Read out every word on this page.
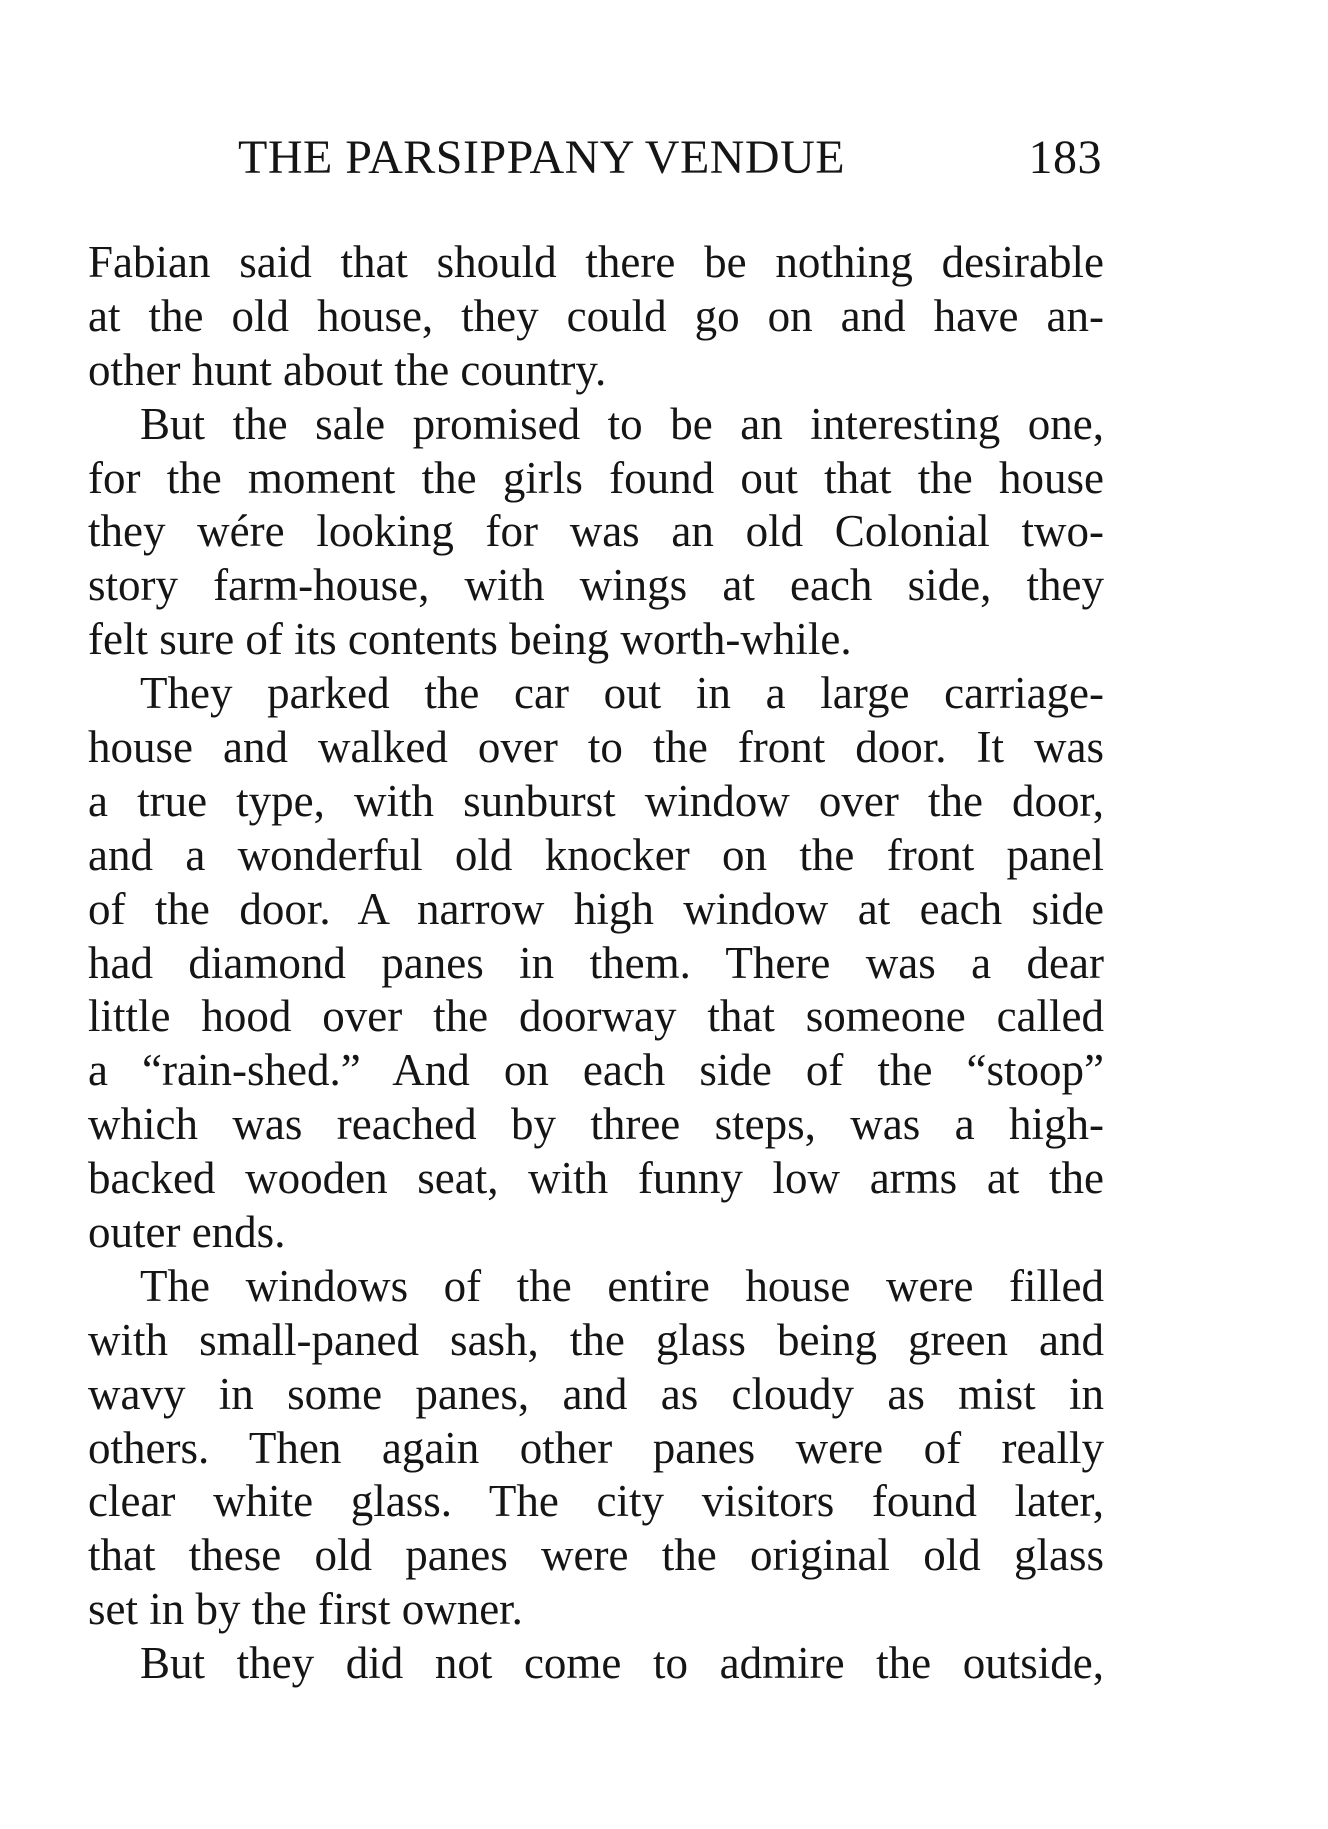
THE PARSIPPANY VENDUE	183
Fabian said that should there be nothing desirable
at the old house, they could go on and have an-
other hunt about the country.
But the sale promised to be an interesting one,
for the moment the girls found out that the house
they wére looking for was an old Colonial two-
story farm-house, with wings at each side, they
felt sure of its contents being worth-while.
They parked the car out in a large carriage-
house and walked over to the front door. It was
a true type, with sunburst window over the door,
and a wonderful old knocker on the front panel
of the door. A narrow high window at each side
had diamond panes in them. There was a dear
little hood over the doorway that someone called
a “rain-shed.” And on each side of the “stoop”
which was reached by three steps, was a high-
backed wooden seat, with funny low arms at the
outer ends.
The windows of the entire house were filled
with small-paned sash, the glass being green and
wavy in some panes, and as cloudy as mist in
others. Then again other panes were of really
clear white glass. The city visitors found later,
that these old panes were the original old glass
set in by the first owner.
But they did not come to admire the outside,
